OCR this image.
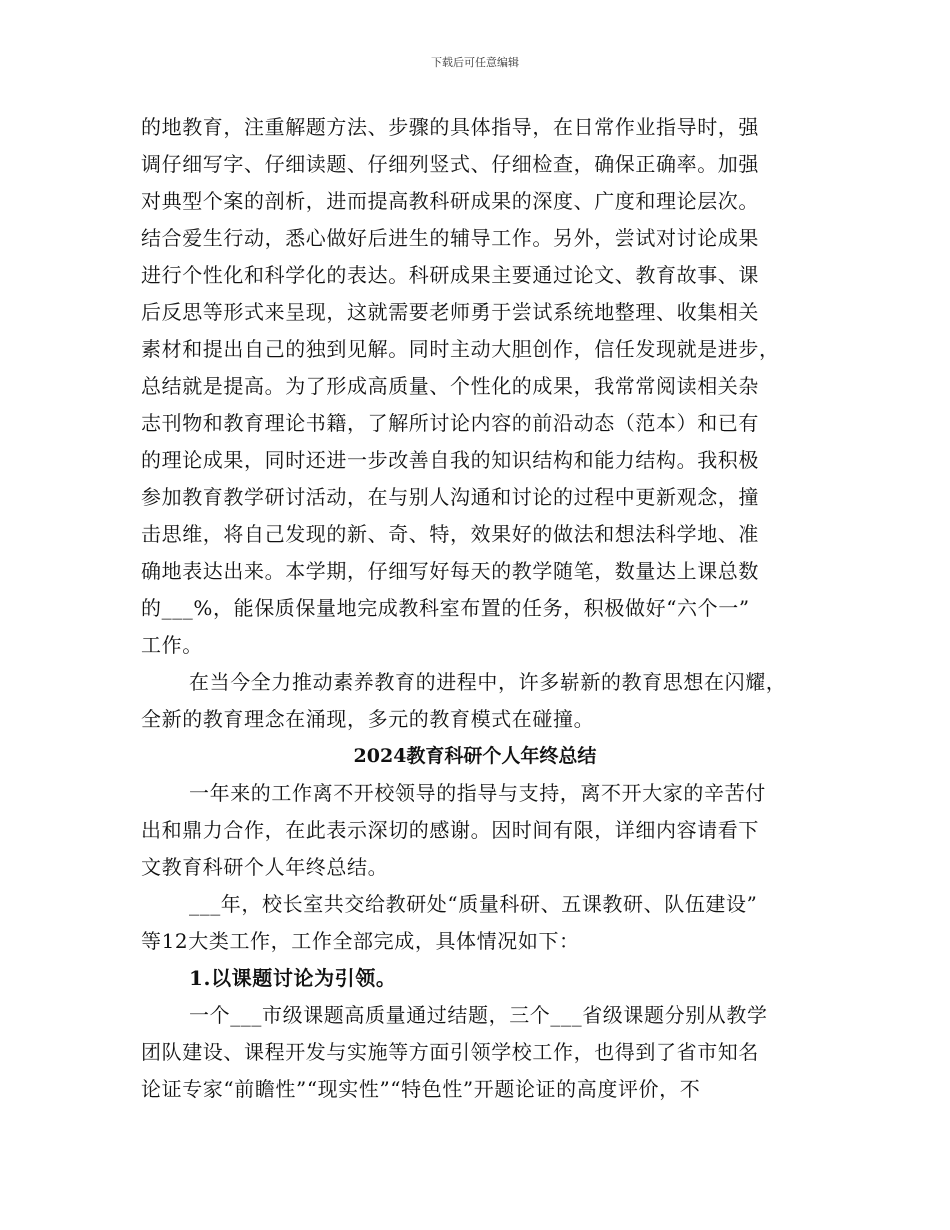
下载后可任意编辑
的地教育，注重解题方法、步骤的具体指导，在日常作业指导时，强
调仔细写字、仔细读题、仔细列竖式、仔细检查，确保正确率。加强
对典型个案的剖析，进而提高教科研成果的深度、广度和理论层次。
结合爱生行动，悉心做好后进生的辅导工作。另外，尝试对讨论成果
进行个性化和科学化的表达。科研成果主要通过论文、教育故事、课
后反思等形式来呈现，这就需要老师勇于尝试系统地整理、收集相关
素材和提出自己的独到见解。同时主动大胆创作，信任发现就是进步，
总结就是提高。为了形成高质量、个性化的成果，我常常阅读相关杂
志刊物和教育理论书籍，了解所讨论内容的前沿动态（范本）和已有
的理论成果，同时还进一步改善自我的知识结构和能力结构。我积极
参加教育教学研讨活动，在与别人沟通和讨论的过程中更新观念，撞
击思维，将自己发现的新、奇、特，效果好的做法和想法科学地、准
确地表达出来。本学期，仔细写好每天的教学随笔，数量达上课总数
的___%，能保质保量地完成教科室布置的任务，积极做好“六个一”
工作。
在当今全力推动素养教育的进程中，许多崭新的教育思想在闪耀，
全新的教育理念在涌现，多元的教育模式在碰撞。
2024教育科研个人年终总结
一年来的工作离不开校领导的指导与支持，离不开大家的辛苦付
出和鼎力合作，在此表示深切的感谢。因时间有限，详细内容请看下
文教育科研个人年终总结。
___年，校长室共交给教研处“质量科研、五课教研、队伍建设”
等12大类工作，工作全部完成，具体情况如下：
1.以课题讨论为引领。
一个___市级课题高质量通过结题，三个___省级课题分别从教学
团队建设、课程开发与实施等方面引领学校工作，也得到了省市知名
论证专家“前瞻性”“现实性”“特色性”开题论证的高度评价，不
